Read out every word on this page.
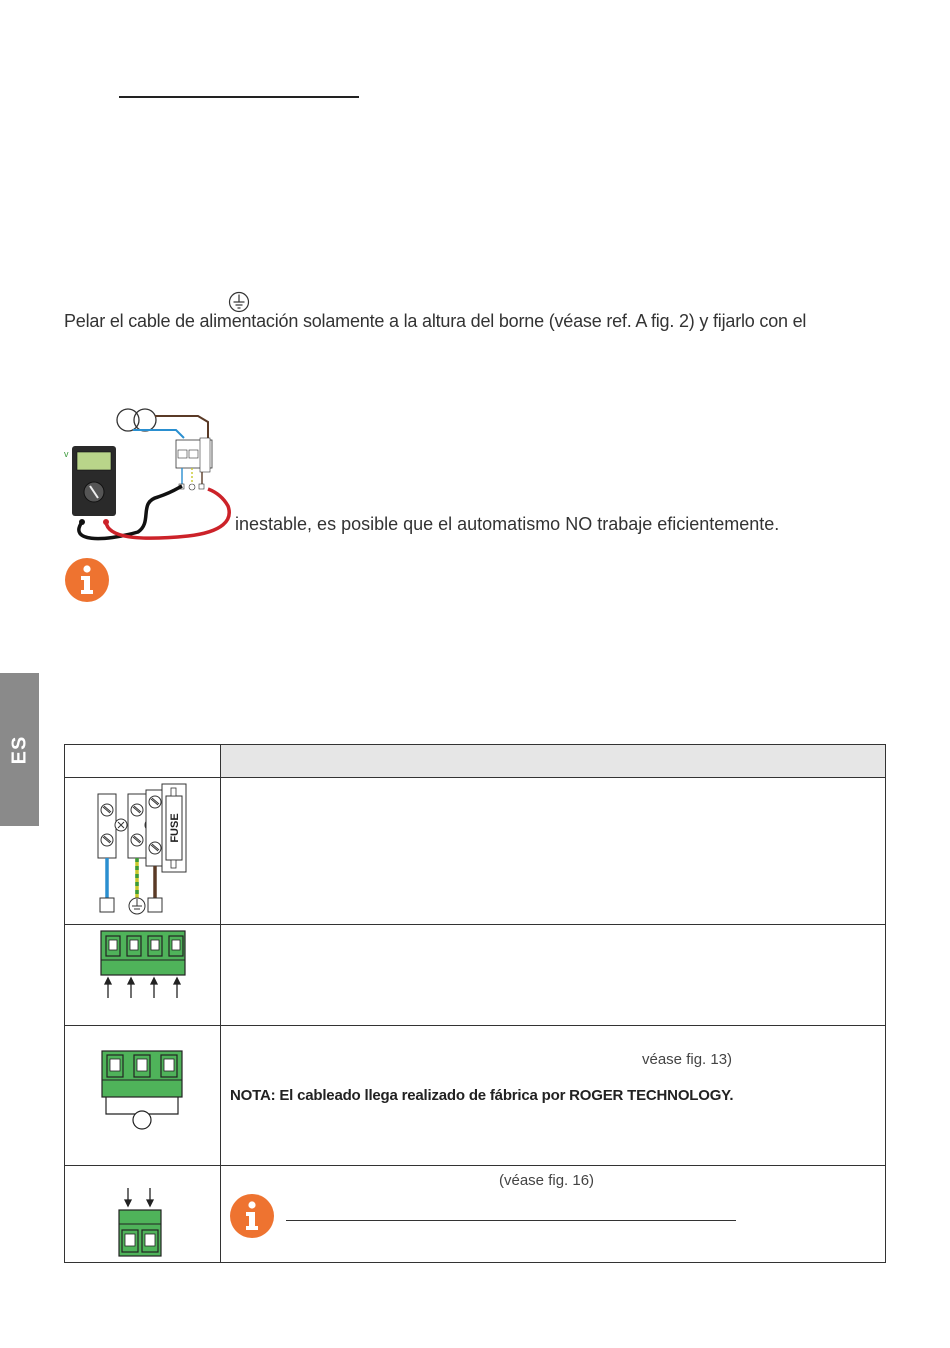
Pelar el cable de alimentación solamente a la altura del borne (véase ref. A fig. 2) y fijarlo con el
v
inestable, es posible que el automatismo NO trabaje eficientemente.
ES
FUSE
véase fig. 13)
NOTA: El cableado llega realizado de fábrica por ROGER TECHNOLOGY.
(véase fig. 16)
